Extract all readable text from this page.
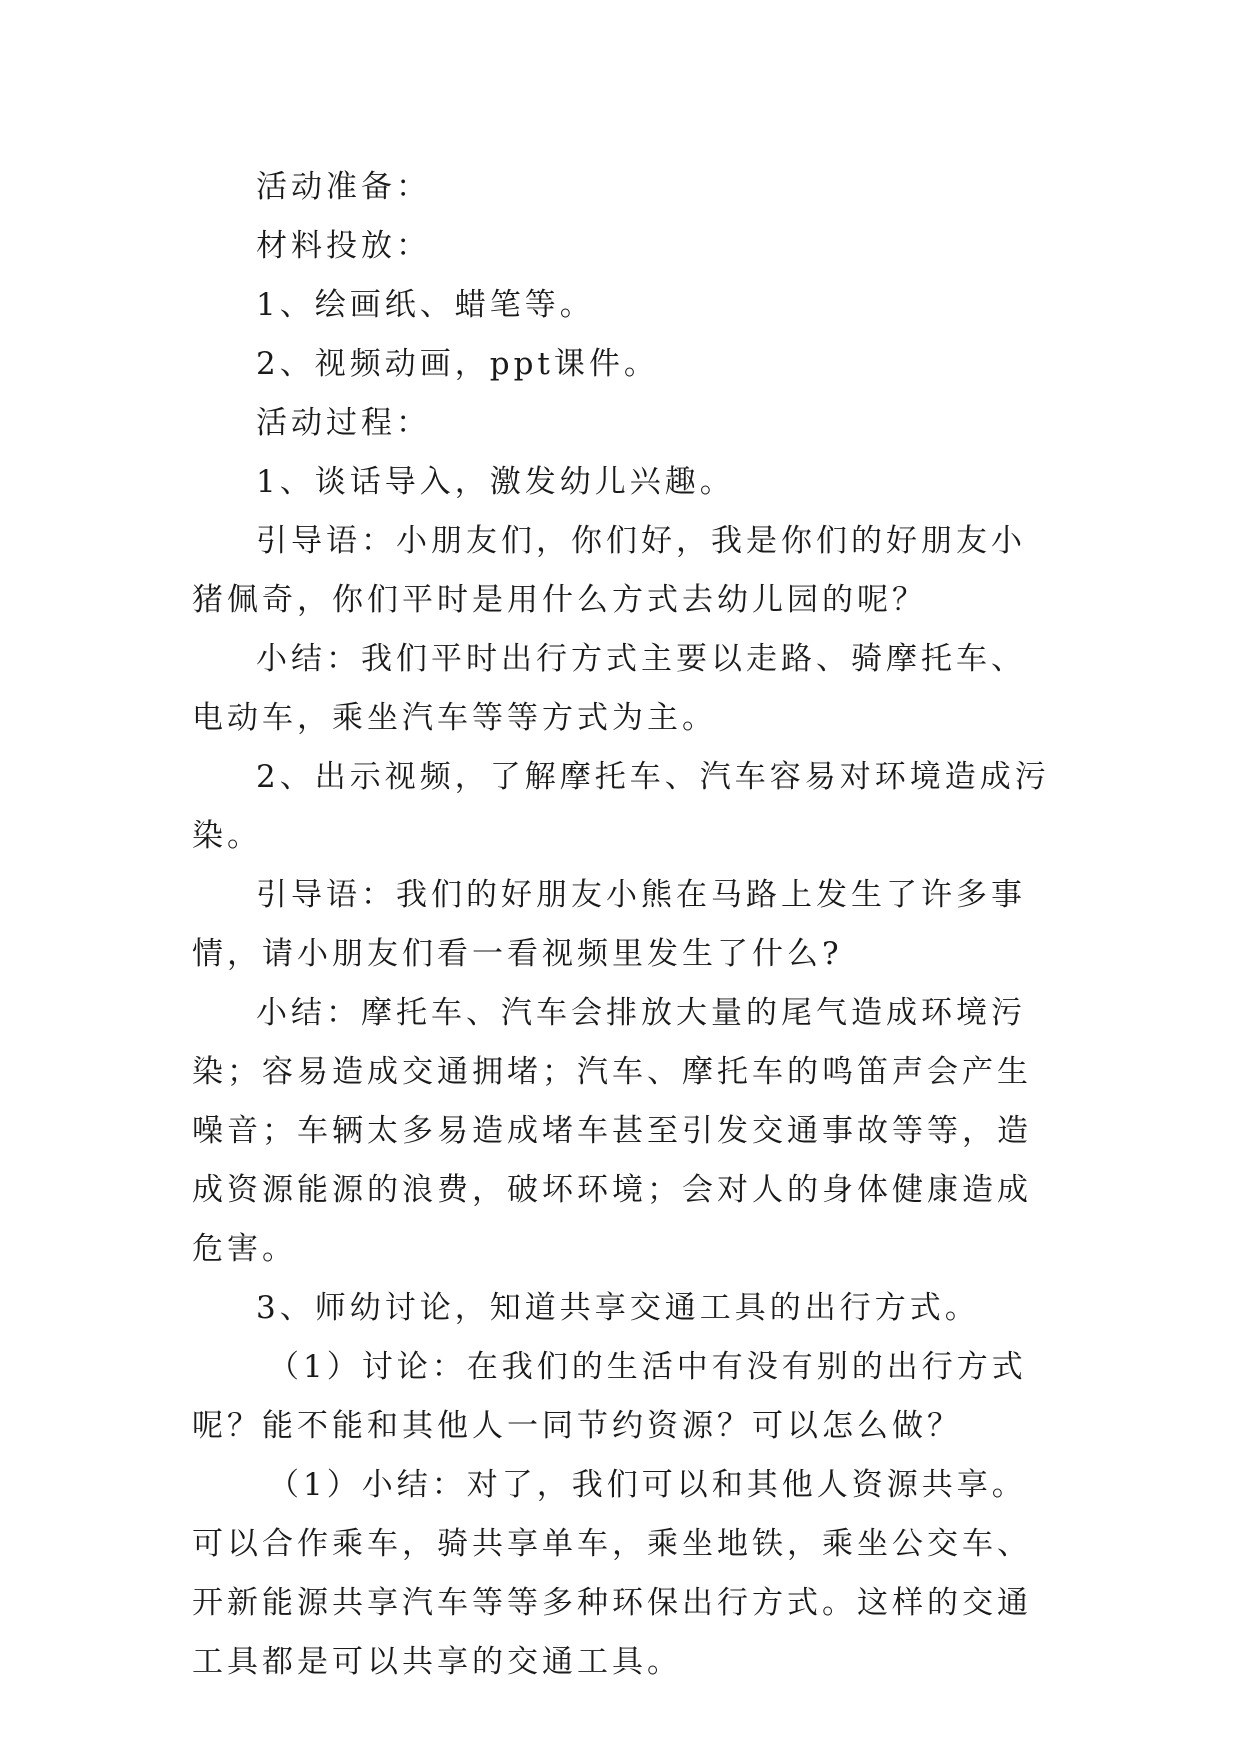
活动准备：

材料投放：

1、绘画纸、蜡笔等。

2、视频动画，ppt课件。

活动过程：

1、谈话导入，激发幼儿兴趣。

引导语：小朋友们，你们好，我是你们的好朋友小猪佩奇，你们平时是用什么方式去幼儿园的呢？

小结：我们平时出行方式主要以走路、骑摩托车、电动车，乘坐汽车等等方式为主。

2、出示视频，了解摩托车、汽车容易对环境造成污染。

引导语：我们的好朋友小熊在马路上发生了许多事情，请小朋友们看一看视频里发生了什么?

小结：摩托车、汽车会排放大量的尾气造成环境污染；容易造成交通拥堵；汽车、摩托车的鸣笛声会产生噪音；车辆太多易造成堵车甚至引发交通事故等等，造成资源能源的浪费，破坏环境；会对人的身体健康造成危害。

3、师幼讨论，知道共享交通工具的出行方式。

（1）讨论：在我们的生活中有没有别的出行方式呢？能不能和其他人一同节约资源？可以怎么做？

（1）小结：对了，我们可以和其他人资源共享。可以合作乘车，骑共享单车，乘坐地铁，乘坐公交车、开新能源共享汽车等等多种环保出行方式。这样的交通工具都是可以共享的交通工具。
